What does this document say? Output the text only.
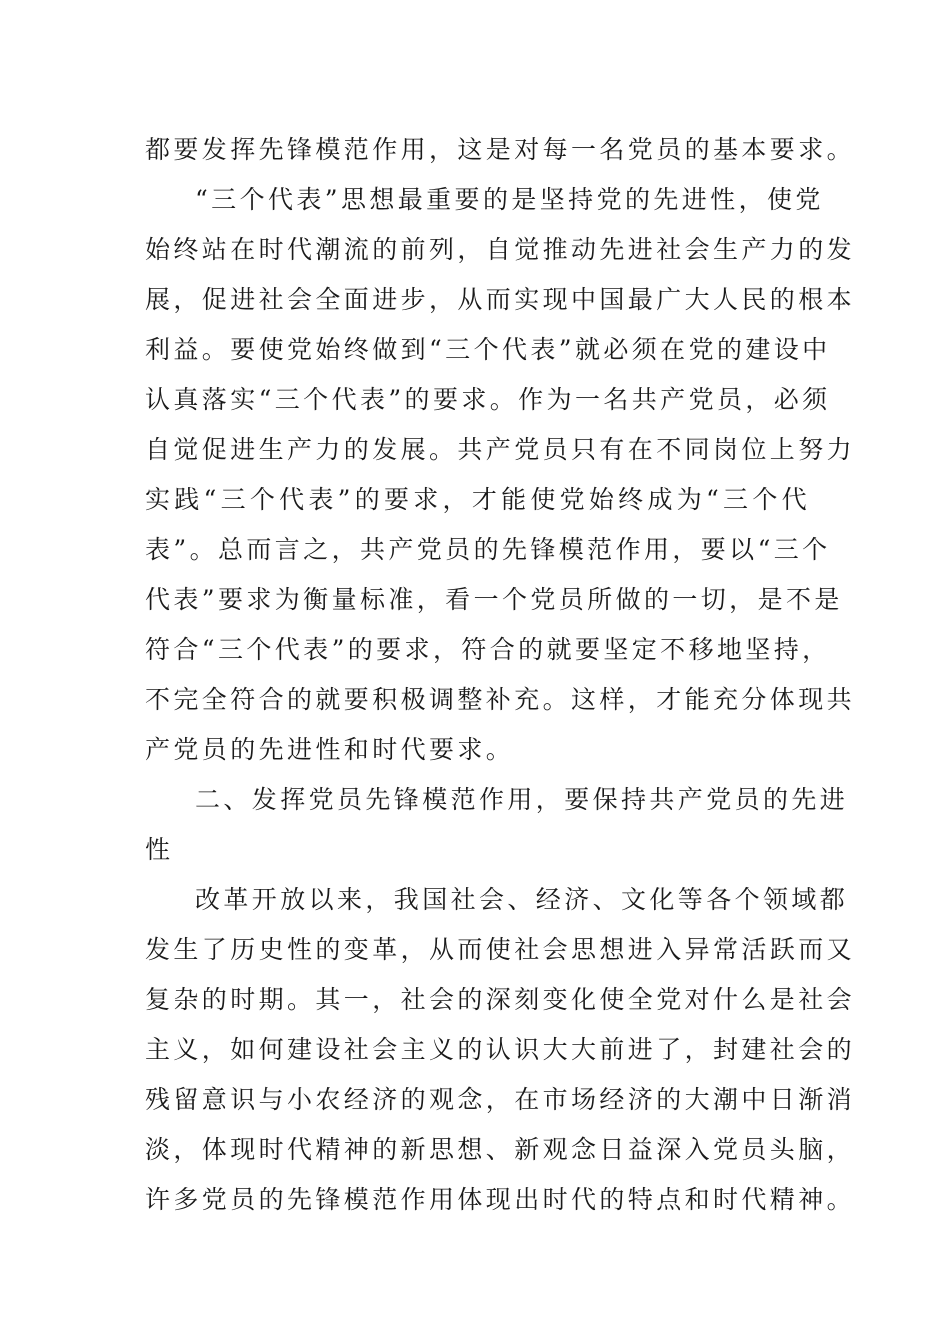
都要发挥先锋模范作用，这是对每一名党员的基本要求。
“三个代表”思想最重要的是坚持党的先进性，使党
始终站在时代潮流的前列，自觉推动先进社会生产力的发
展，促进社会全面进步，从而实现中国最广大人民的根本
利益。要使党始终做到“三个代表”就必须在党的建设中
认真落实“三个代表”的要求。作为一名共产党员，必须
自觉促进生产力的发展。共产党员只有在不同岗位上努力
实践“三个代表”的要求，才能使党始终成为“三个代
表”。总而言之，共产党员的先锋模范作用，要以“三个
代表”要求为衡量标准，看一个党员所做的一切，是不是
符合“三个代表”的要求，符合的就要坚定不移地坚持，
不完全符合的就要积极调整补充。这样，才能充分体现共
产党员的先进性和时代要求。
二、发挥党员先锋模范作用，要保持共产党员的先进
性
改革开放以来，我国社会、经济、文化等各个领域都
发生了历史性的变革，从而使社会思想进入异常活跃而又
复杂的时期。其一，社会的深刻变化使全党对什么是社会
主义，如何建设社会主义的认识大大前进了，封建社会的
残留意识与小农经济的观念，在市场经济的大潮中日渐消
淡，体现时代精神的新思想、新观念日益深入党员头脑，
许多党员的先锋模范作用体现出时代的特点和时代精神。
